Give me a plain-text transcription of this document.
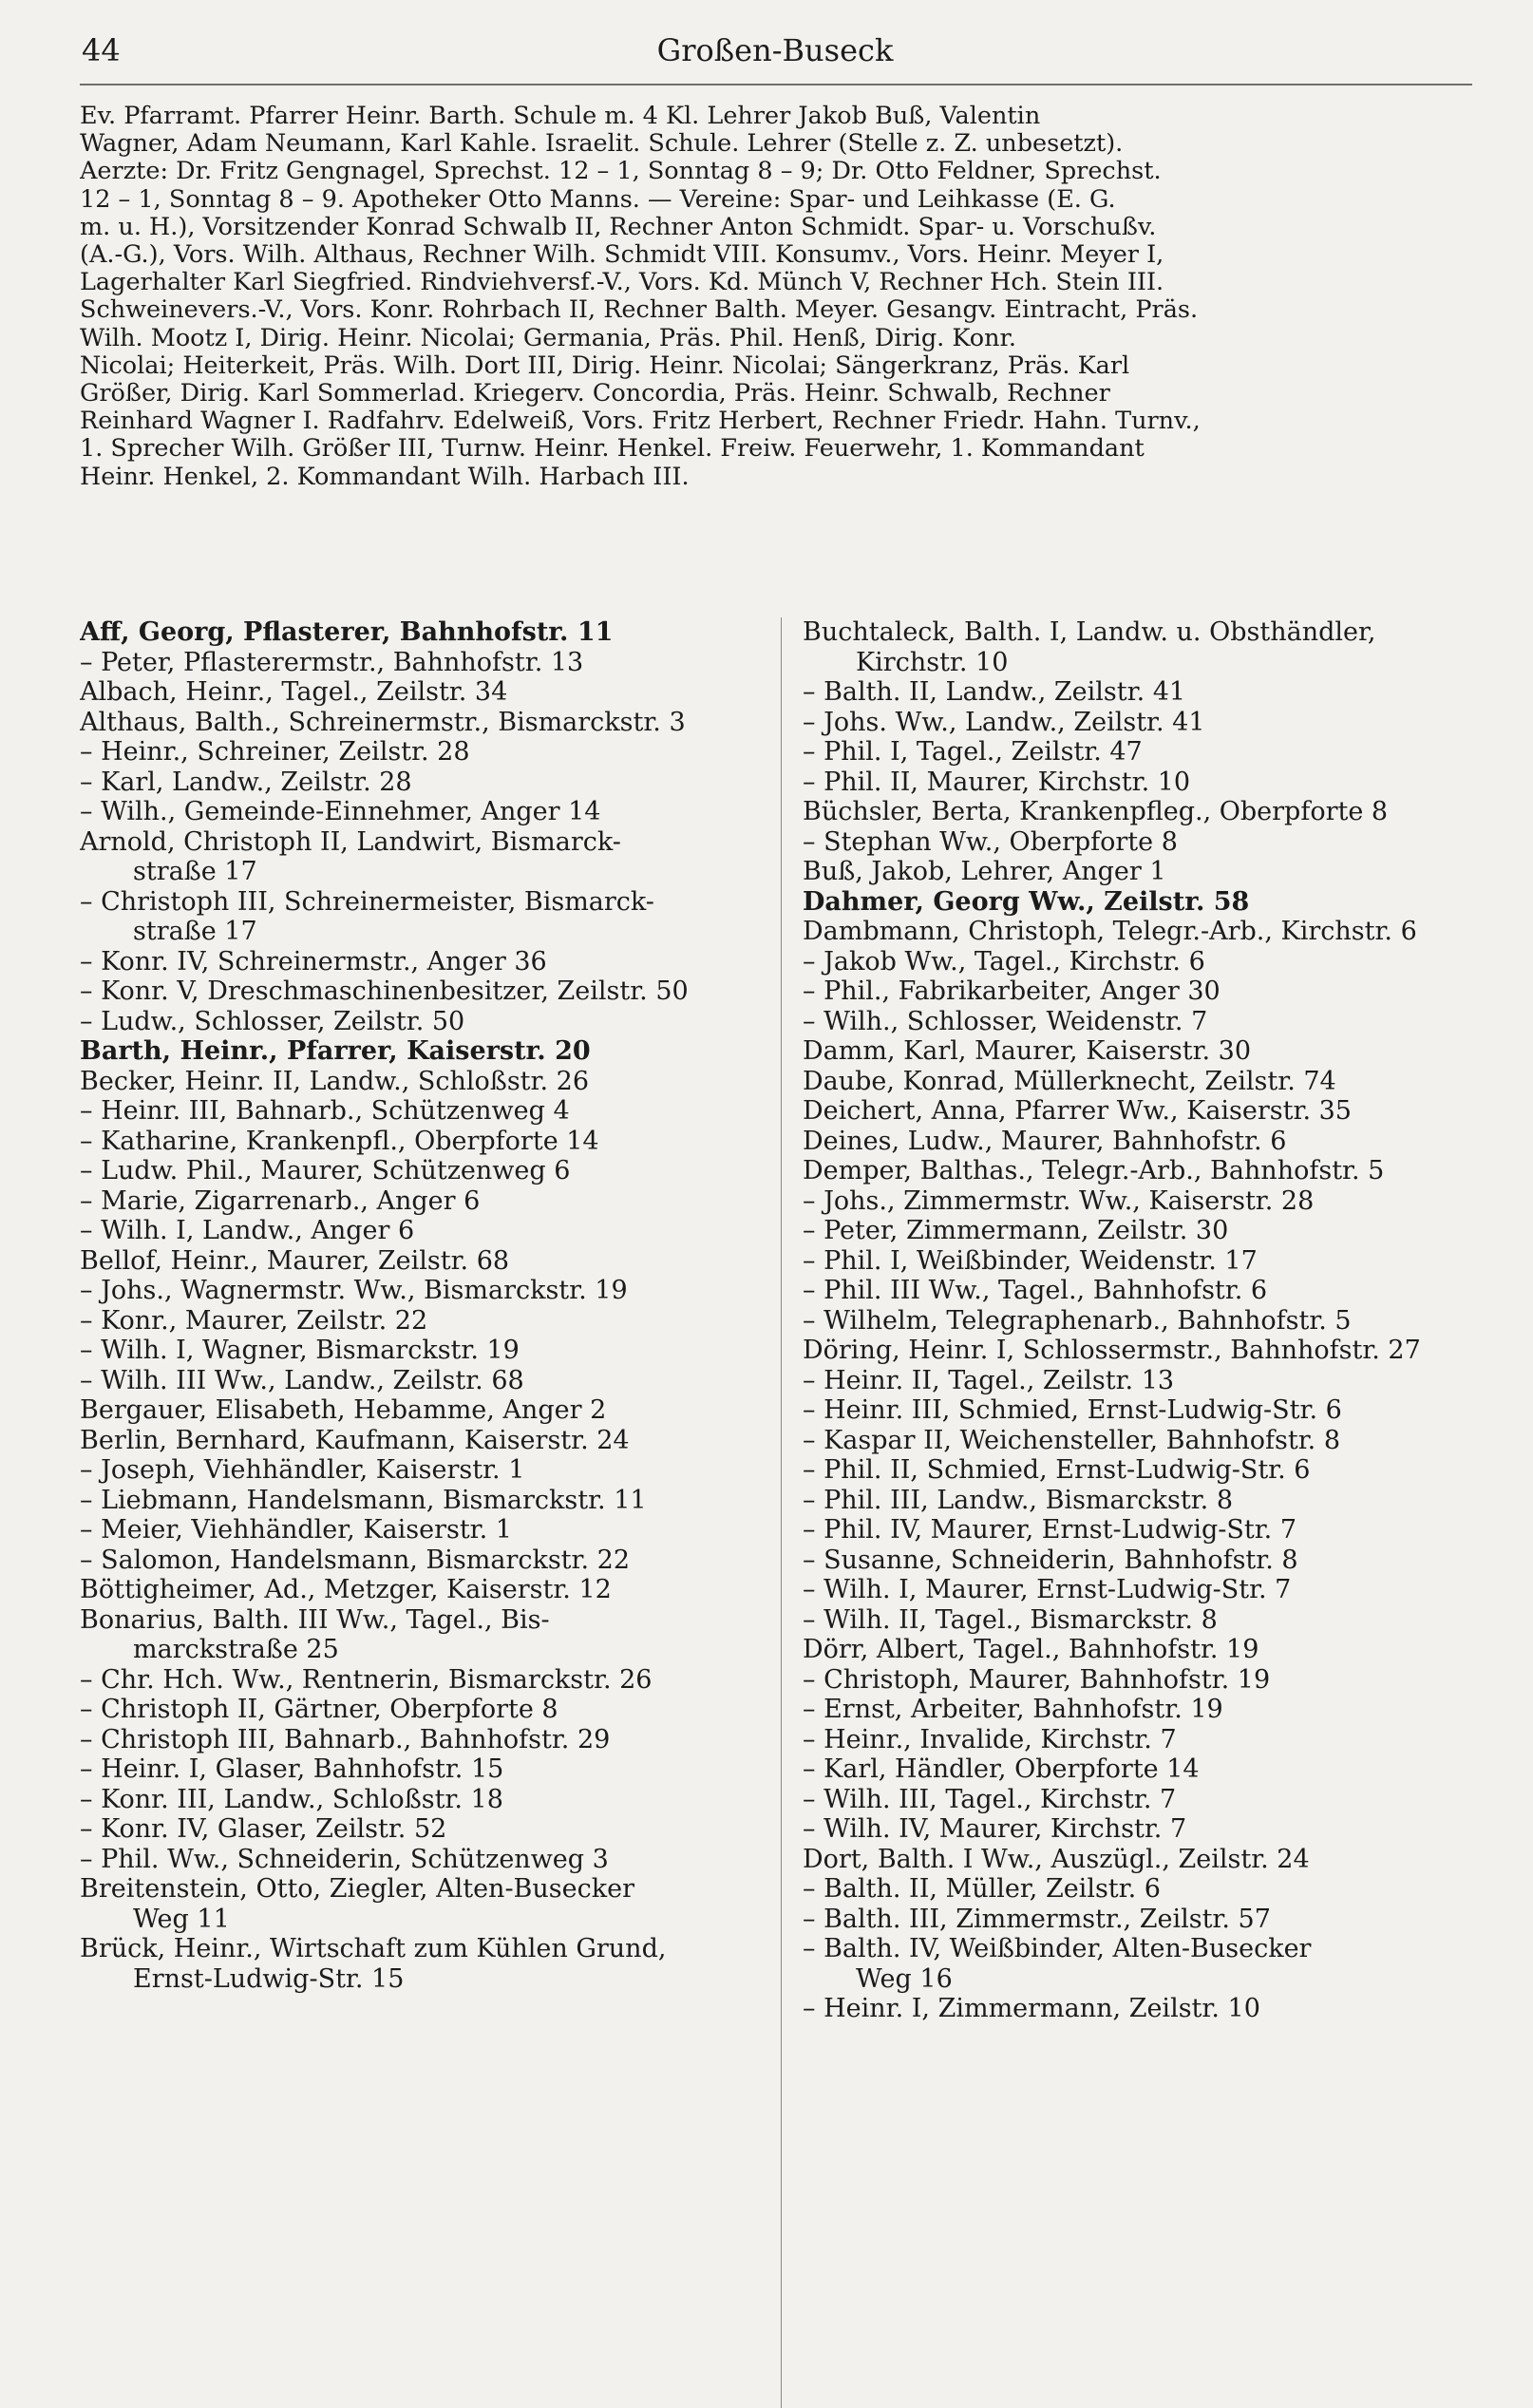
44	Großen-Buseck
Ev. Pfarramt. Pfarrer Heinr. Barth. Schule m. 4 Kl. Lehrer Jakob Buß, Valentin
Wagner, Adam Neumann, Karl Kahle. Israelit. Schule. Lehrer (Stelle z. Z. unbesetzt).
Aerzte: Dr. Fritz Gengnagel, Sprechst. 12 – 1, Sonntag 8 – 9; Dr. Otto Feldner, Sprechst.
12 – 1, Sonntag 8 – 9. Apotheker Otto Manns. — Vereine: Spar- und Leihkasse (E. G.
m. u. H.), Vorsitzender Konrad Schwalb II, Rechner Anton Schmidt. Spar- u. Vorschußv.
(A.-G.), Vors. Wilh. Althaus, Rechner Wilh. Schmidt VIII. Konsumv., Vors. Heinr. Meyer I,
Lagerhalter Karl Siegfried. Rindviehversf.-V., Vors. Kd. Münch V, Rechner Hch. Stein III.
Schweinevers.-V., Vors. Konr. Rohrbach II, Rechner Balth. Meyer. Gesangv. Eintracht, Präs.
Wilh. Mootz I, Dirig. Heinr. Nicolai; Germania, Präs. Phil. Henß, Dirig. Konr.
Nicolai; Heiterkeit, Präs. Wilh. Dort III, Dirig. Heinr. Nicolai; Sängerkranz, Präs. Karl
Größer, Dirig. Karl Sommerlad. Kriegerv. Concordia, Präs. Heinr. Schwalb, Rechner
Reinhard Wagner I. Radfahrv. Edelweiß, Vors. Fritz Herbert, Rechner Friedr. Hahn. Turnv.,
1. Sprecher Wilh. Größer III, Turnw. Heinr. Henkel. Freiw. Feuerwehr, 1. Kommandant
Heinr. Henkel, 2. Kommandant Wilh. Harbach III.
Aff, Georg, Pflasterer, Bahnhofstr. 11
– Peter, Pflasterermstr., Bahnhofstr. 13
Albach, Heinr., Tagel., Zeilstr. 34
Althaus, Balth., Schreinermstr., Bismarckstr. 3
– Heinr., Schreiner, Zeilstr. 28
– Karl, Landw., Zeilstr. 28
– Wilh., Gemeinde-Einnehmer, Anger 14
Arnold, Christoph II, Landwirt, Bismarck-
straße 17
– Christoph III, Schreinermeister, Bismarck-
straße 17
– Konr. IV, Schreinermstr., Anger 36
– Konr. V, Dreschmaschinenbesitzer, Zeilstr. 50
– Ludw., Schlosser, Zeilstr. 50
Barth, Heinr., Pfarrer, Kaiserstr. 20
Becker, Heinr. II, Landw., Schloßstr. 26
– Heinr. III, Bahnarb., Schützenweg 4
– Katharine, Krankenpfl., Oberpforte 14
– Ludw. Phil., Maurer, Schützenweg 6
– Marie, Zigarrenarb., Anger 6
– Wilh. I, Landw., Anger 6
Bellof, Heinr., Maurer, Zeilstr. 68
– Johs., Wagnermstr. Ww., Bismarckstr. 19
– Konr., Maurer, Zeilstr. 22
– Wilh. I, Wagner, Bismarckstr. 19
– Wilh. III Ww., Landw., Zeilstr. 68
Bergauer, Elisabeth, Hebamme, Anger 2
Berlin, Bernhard, Kaufmann, Kaiserstr. 24
– Joseph, Viehhändler, Kaiserstr. 1
– Liebmann, Handelsmann, Bismarckstr. 11
– Meier, Viehhändler, Kaiserstr. 1
– Salomon, Handelsmann, Bismarckstr. 22
Böttigheimer, Ad., Metzger, Kaiserstr. 12
Bonarius, Balth. III Ww., Tagel., Bis-
marckstraße 25
– Chr. Hch. Ww., Rentnerin, Bismarckstr. 26
– Christoph II, Gärtner, Oberpforte 8
– Christoph III, Bahnarb., Bahnhofstr. 29
– Heinr. I, Glaser, Bahnhofstr. 15
– Konr. III, Landw., Schloßstr. 18
– Konr. IV, Glaser, Zeilstr. 52
– Phil. Ww., Schneiderin, Schützenweg 3
Breitenstein, Otto, Ziegler, Alten-Busecker
Weg 11
Brück, Heinr., Wirtschaft zum Kühlen Grund,
Ernst-Ludwig-Str. 15
Buchtaleck, Balth. I, Landw. u. Obsthändler,
Kirchstr. 10
– Balth. II, Landw., Zeilstr. 41
– Johs. Ww., Landw., Zeilstr. 41
– Phil. I, Tagel., Zeilstr. 47
– Phil. II, Maurer, Kirchstr. 10
Büchsler, Berta, Krankenpfleg., Oberpforte 8
– Stephan Ww., Oberpforte 8
Buß, Jakob, Lehrer, Anger 1
Dahmer, Georg Ww., Zeilstr. 58
Dambmann, Christoph, Telegr.-Arb., Kirchstr. 6
– Jakob Ww., Tagel., Kirchstr. 6
– Phil., Fabrikarbeiter, Anger 30
– Wilh., Schlosser, Weidenstr. 7
Damm, Karl, Maurer, Kaiserstr. 30
Daube, Konrad, Müllerknecht, Zeilstr. 74
Deichert, Anna, Pfarrer Ww., Kaiserstr. 35
Deines, Ludw., Maurer, Bahnhofstr. 6
Demper, Balthas., Telegr.-Arb., Bahnhofstr. 5
– Johs., Zimmermstr. Ww., Kaiserstr. 28
– Peter, Zimmermann, Zeilstr. 30
– Phil. I, Weißbinder, Weidenstr. 17
– Phil. III Ww., Tagel., Bahnhofstr. 6
– Wilhelm, Telegraphenarb., Bahnhofstr. 5
Döring, Heinr. I, Schlossermstr., Bahnhofstr. 27
– Heinr. II, Tagel., Zeilstr. 13
– Heinr. III, Schmied, Ernst-Ludwig-Str. 6
– Kaspar II, Weichensteller, Bahnhofstr. 8
– Phil. II, Schmied, Ernst-Ludwig-Str. 6
– Phil. III, Landw., Bismarckstr. 8
– Phil. IV, Maurer, Ernst-Ludwig-Str. 7
– Susanne, Schneiderin, Bahnhofstr. 8
– Wilh. I, Maurer, Ernst-Ludwig-Str. 7
– Wilh. II, Tagel., Bismarckstr. 8
Dörr, Albert, Tagel., Bahnhofstr. 19
– Christoph, Maurer, Bahnhofstr. 19
– Ernst, Arbeiter, Bahnhofstr. 19
– Heinr., Invalide, Kirchstr. 7
– Karl, Händler, Oberpforte 14
– Wilh. III, Tagel., Kirchstr. 7
– Wilh. IV, Maurer, Kirchstr. 7
Dort, Balth. I Ww., Auszügl., Zeilstr. 24
– Balth. II, Müller, Zeilstr. 6
– Balth. III, Zimmermstr., Zeilstr. 57
– Balth. IV, Weißbinder, Alten-Busecker
Weg 16
– Heinr. I, Zimmermann, Zeilstr. 10
